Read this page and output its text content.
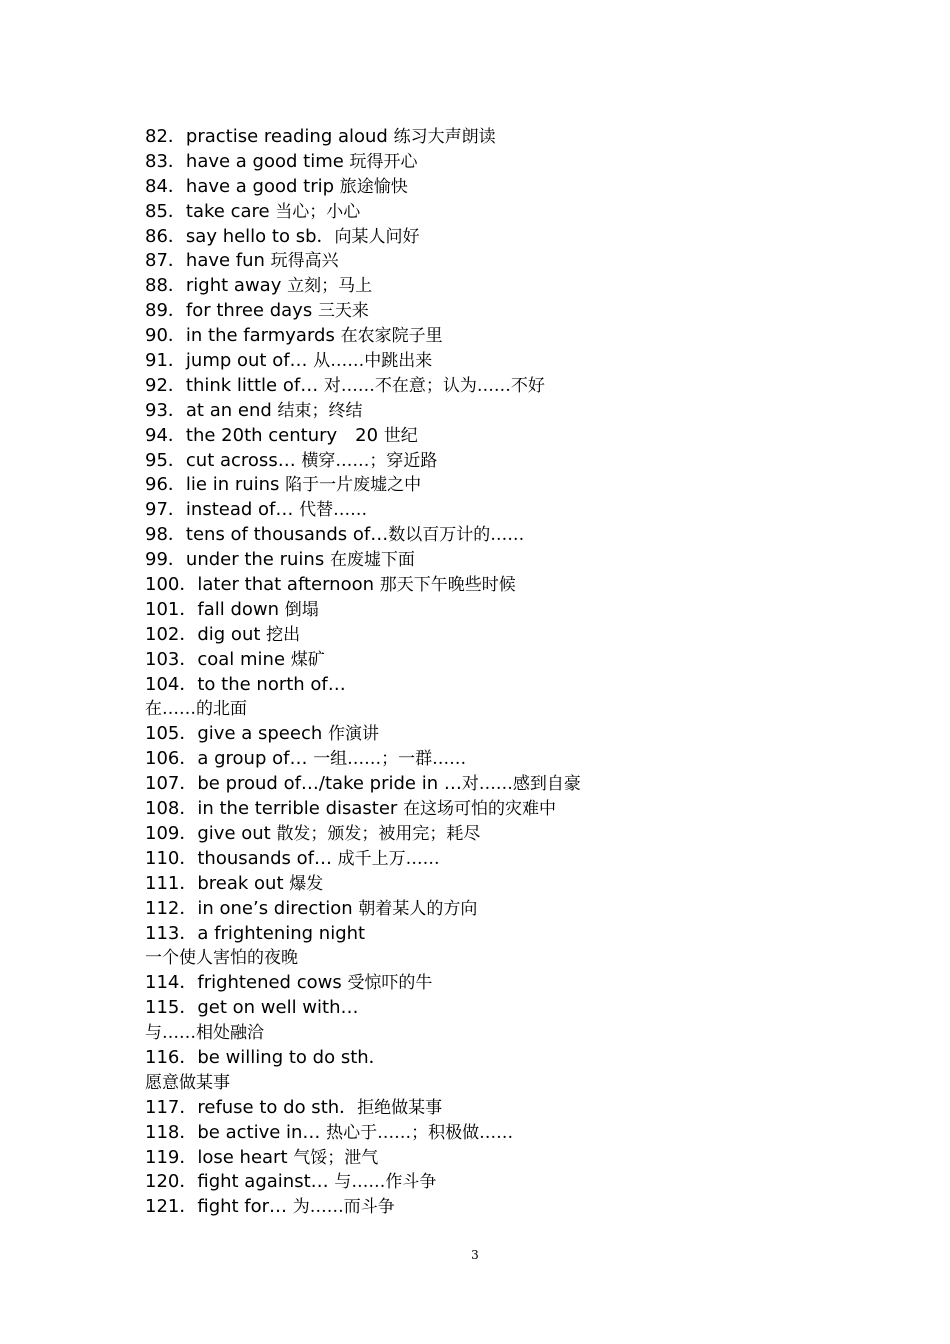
82．practise reading aloud 练习大声朗读
83．have a good time 玩得开心
84．have a good trip 旅途愉快
85．take care 当心；小心
86．say hello to sb．向某人问好
87．have fun 玩得高兴
88．right away 立刻；马上
89．for three days 三天来
90．in the farmyards 在农家院子里
91．jump out of… 从……中跳出来
92．think little of… 对……不在意；认为……不好
93．at an end 结束；终结
94．the 20th century　20 世纪
95．cut across… 横穿……；穿近路
96．lie in ruins 陷于一片废墟之中
97．instead of… 代替……
98．tens of thousands of…数以百万计的……
99．under the ruins 在废墟下面
100．later that afternoon 那天下午晚些时候
101．fall down 倒塌
102．dig out 挖出
103．coal mine 煤矿
104．to the north of…
在……的北面
105．give a speech 作演讲
106．a group of… 一组……；一群……
107．be proud of…/take pride in …对……感到自豪
108．in the terrible disaster 在这场可怕的灾难中
109．give out 散发；颁发；被用完；耗尽
110．thousands of… 成千上万……
111．break out 爆发
112．in one’s direction 朝着某人的方向
113．a frightening night
一个使人害怕的夜晚
114．frightened cows 受惊吓的牛
115．get on well with…
与……相处融洽
116．be willing to do sth．
愿意做某事
117．refuse to do sth．拒绝做某事
118．be active in… 热心于……；积极做……
119．lose heart 气馁；泄气
120．fight against… 与……作斗争
121．fight for… 为……而斗争
3
